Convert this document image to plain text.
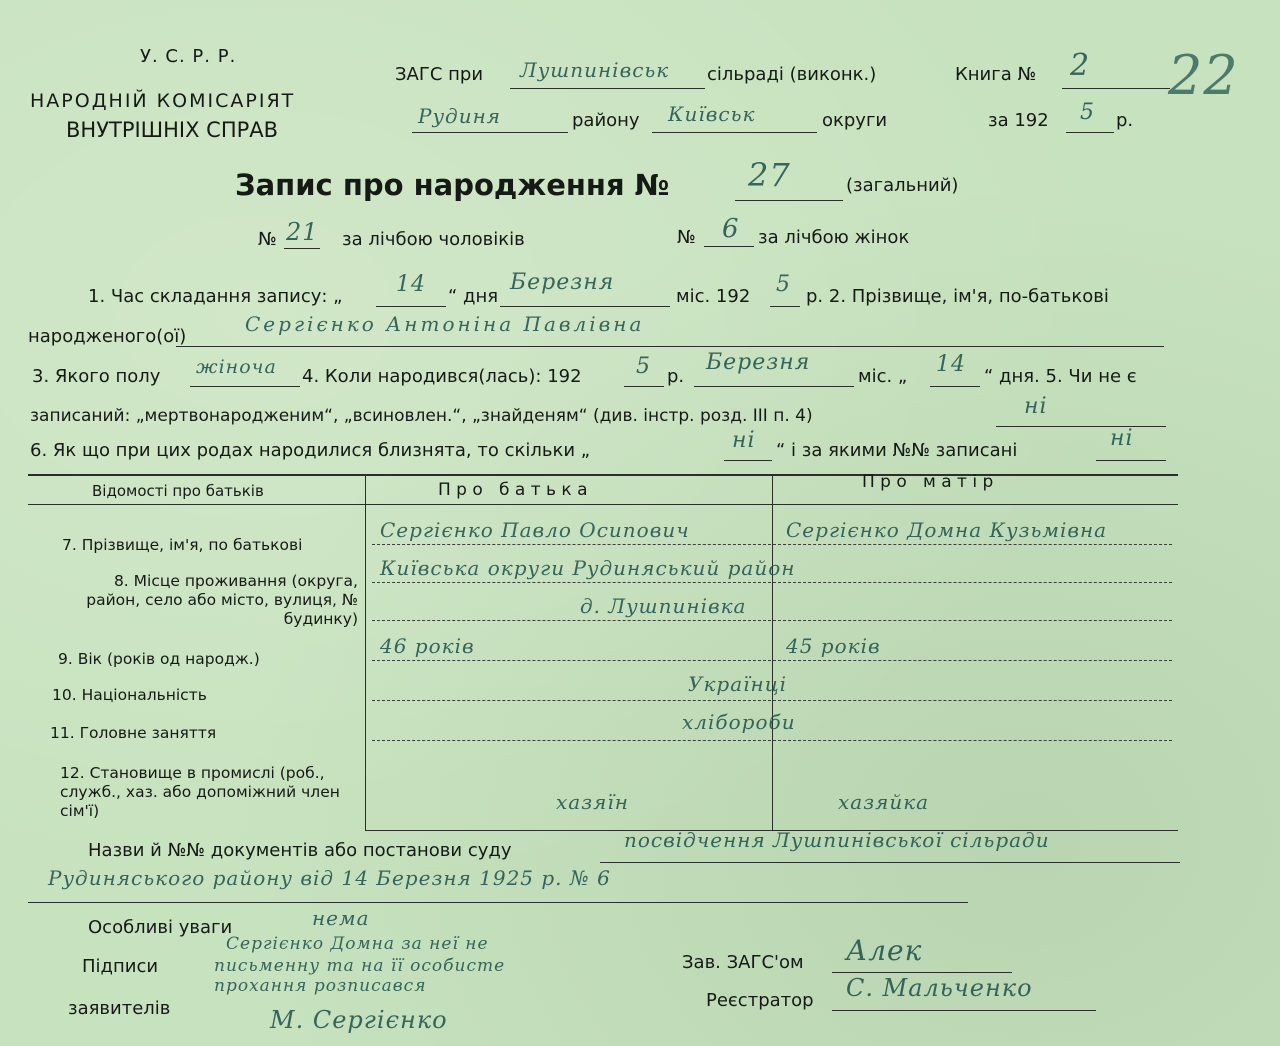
У. С. Р. Р.
НАРОДНІЙ КОМІСАРІЯТ
ВНУТРІШНІХ СПРАВ
ЗАГС при Лушпинівськ сільраді (виконк.)	Книга № 2 22
Рудиня	району Київськ	округи	за 192 5 р.
Запис про народження № 27	(загальний)
№ 21 за лічбою чоловіків	№ 6 за лічбою жінок
1. Час складання запису: „ 14 “ дня
Березня
міс. 192 5 р. 2. Прізвище, ім'я, по-батькові
народженого(ої)
Сергієнко Антоніна Павлівна
3. Якого полу жіноча 4. Коли народився(лась): 192 5 р.
Березня
міс. „ 14 “ дня. 5. Чи не є
записаний: „мертвонародженим“, „всиновлен.“, „знайденям“ (див. інстр. розд. III п. 4)	ні
6. Як що при цих родах народилися близнята, то скільки „	ні “ і за якими №№ записані	ні
Відомості про батьків	П р о   б а т ь к а	П р о   м а т і р
7. Прізвище, ім'я, по батькові
Сергієнко Павло Осипович	Сергієнко Домна Кузьмівна
8. Місце проживання (округа, район, село або місто, вулиця, № будинку)
Київська округи Рудиняський район
д. Лушпинівка
9. Вік (років од народж.)
46 років	45 років
10. Національність	Українці
11. Головне заняття	хлібороби
12. Становище в промислі (роб., служб., хаз. або допоміжний член сім'ї)	хазяїн	хазяйка
Назви й №№ документів або постанови суду	посвідчення Лушпинівської сільради
Рудиняського району від 14 Березня 1925 р. № 6
Особливі уваги	нема
Підписи
заявителів
Сергієнко Домна за неї не
письменну та на її особисте
прохання розписався
М. Сергієнко
Зав. ЗАГС'ом Алек
Реєстратор С. Мальченко
